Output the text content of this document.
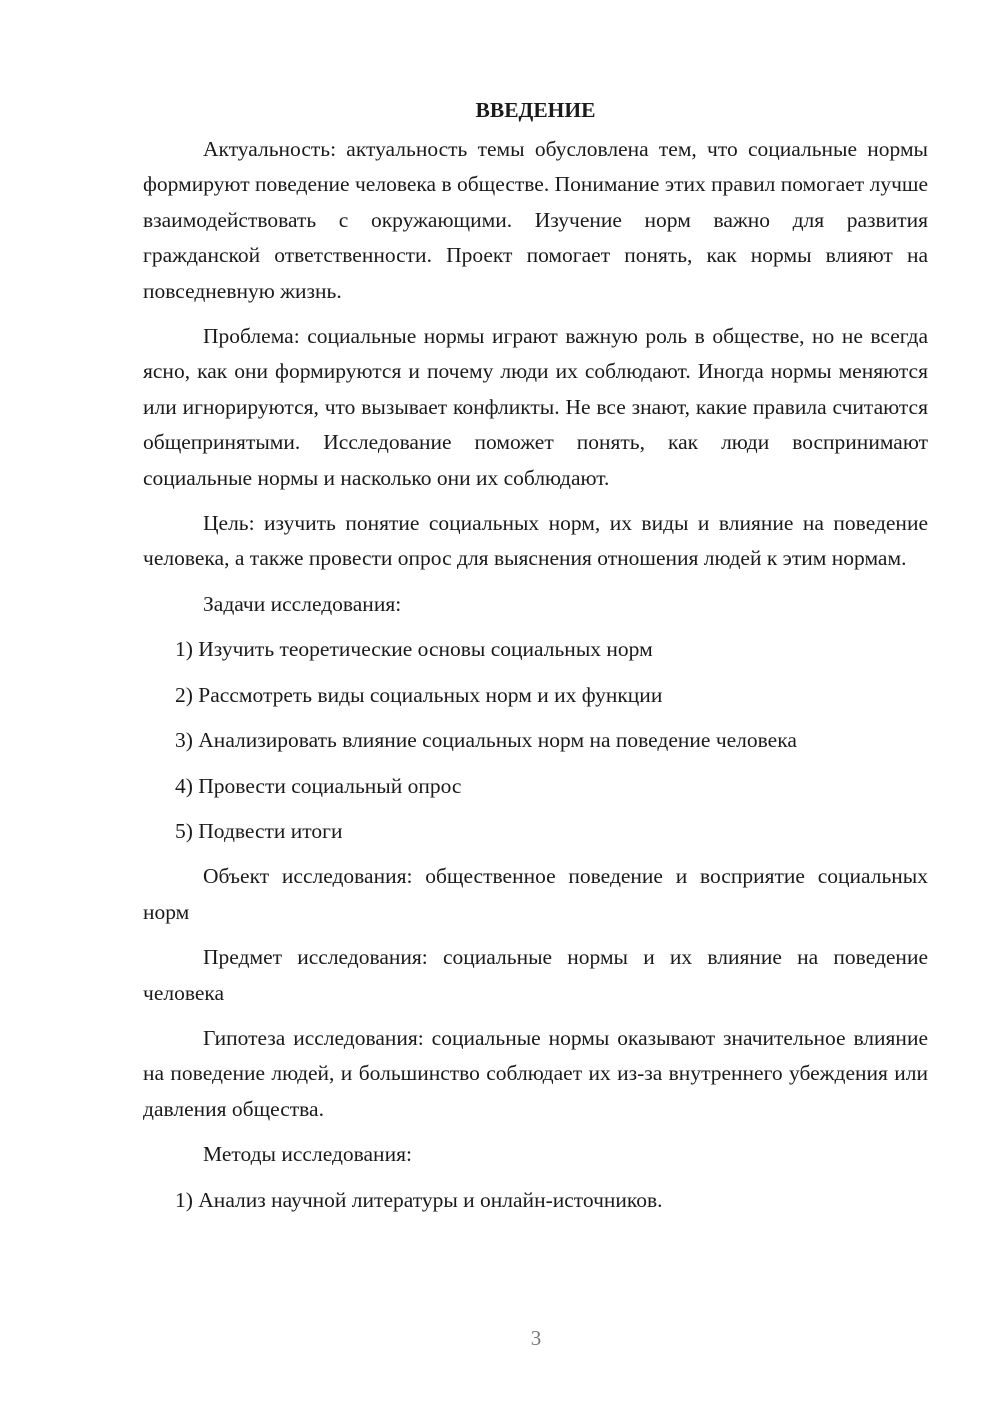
ВВЕДЕНИЕ

Актуальность: актуальность темы обусловлена тем, что социальные нормы формируют поведение человека в обществе. Понимание этих правил помогает лучше взаимодействовать с окружающими. Изучение норм важно для развития гражданской ответственности. Проект помогает понять, как нормы влияют на повседневную жизнь.

Проблема: социальные нормы играют важную роль в обществе, но не всегда ясно, как они формируются и почему люди их соблюдают. Иногда нормы меняются или игнорируются, что вызывает конфликты. Не все знают, какие правила считаются общепринятыми. Исследование поможет понять, как люди воспринимают социальные нормы и насколько они их соблюдают.

Цель: изучить понятие социальных норм, их виды и влияние на поведение человека, а также провести опрос для выяснения отношения людей к этим нормам.

Задачи исследования:

1) Изучить теоретические основы социальных норм
2) Рассмотреть виды социальных норм и их функции
3) Анализировать влияние социальных норм на поведение человека
4) Провести социальный опрос
5) Подвести итоги

Объект исследования: общественное поведение и восприятие социальных норм

Предмет исследования: социальные нормы и их влияние на поведение человека

Гипотеза исследования: социальные нормы оказывают значительное влияние на поведение людей, и большинство соблюдает их из-за внутреннего убеждения или давления общества.

Методы исследования:

1) Анализ научной литературы и онлайн-источников.
3
